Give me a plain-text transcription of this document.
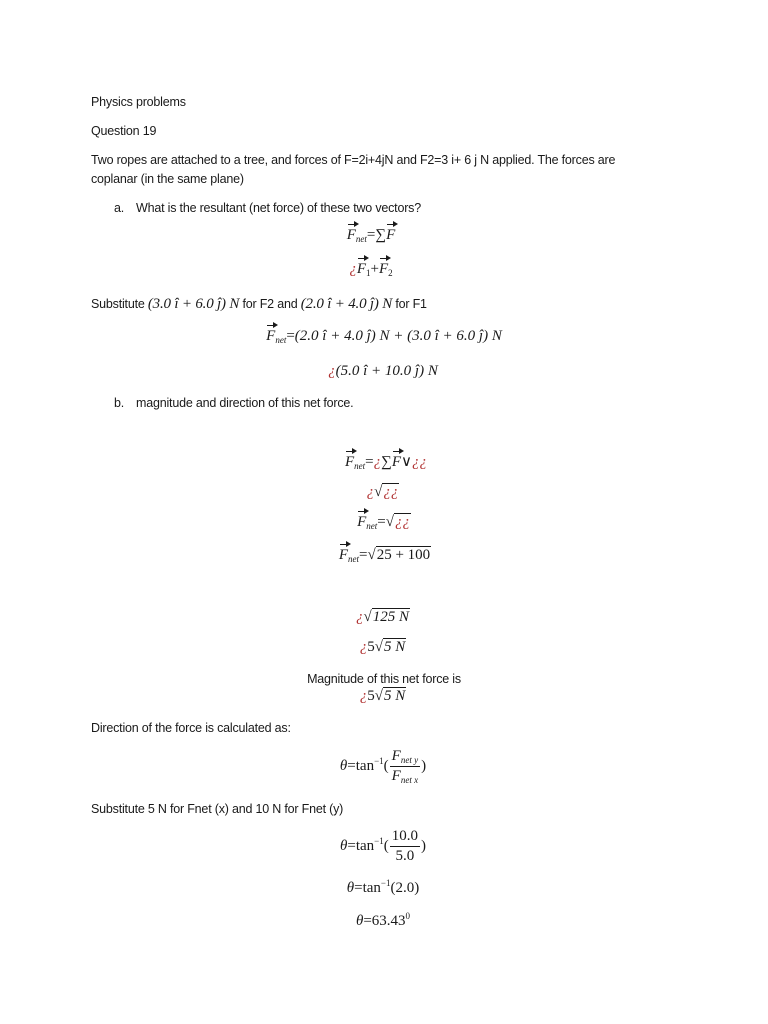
Physics problems
Question 19
Two ropes are attached to a tree, and forces of F=2i+4jN and F2=3 i+ 6 j N applied. The forces are
coplanar (in the same plane)
a. What is the resultant (net force) of these two vectors?
$F_{net}=\sum F$
¿$F_1+F_2$
Substitute (3.0 î + 6.0 ĵ) N for F2 and (2.0 î + 4.0 ĵ) N for F1
$F_{net}=(2.0$ î + 4.0 ĵ) N + (3.0 î + 6.0 ĵ) N
¿(5.0 î + 10.0 ĵ) N
b. magnitude and direction of this net force.
$F_{net}=¿\sum F\vee¿¿$
¿√¿¿
$F_{net}=√¿¿$
$F_{net}=√25 + 100$
¿√125 N
¿5√5 N
Magnitude of this net force is
¿5√5 N
Direction of the force is calculated as:
$\theta=\tan^{-1}( \frac{F_{net y}}{F_{net x}}$ )
Substitute 5 N for Fnet (x) and 10 N for Fnet (y)
$\theta=\tan^{-1}( \frac{10.0}{5.0}$ )
$\theta=\tan^{-1}(2.0)$
$\theta=63.43^0$
